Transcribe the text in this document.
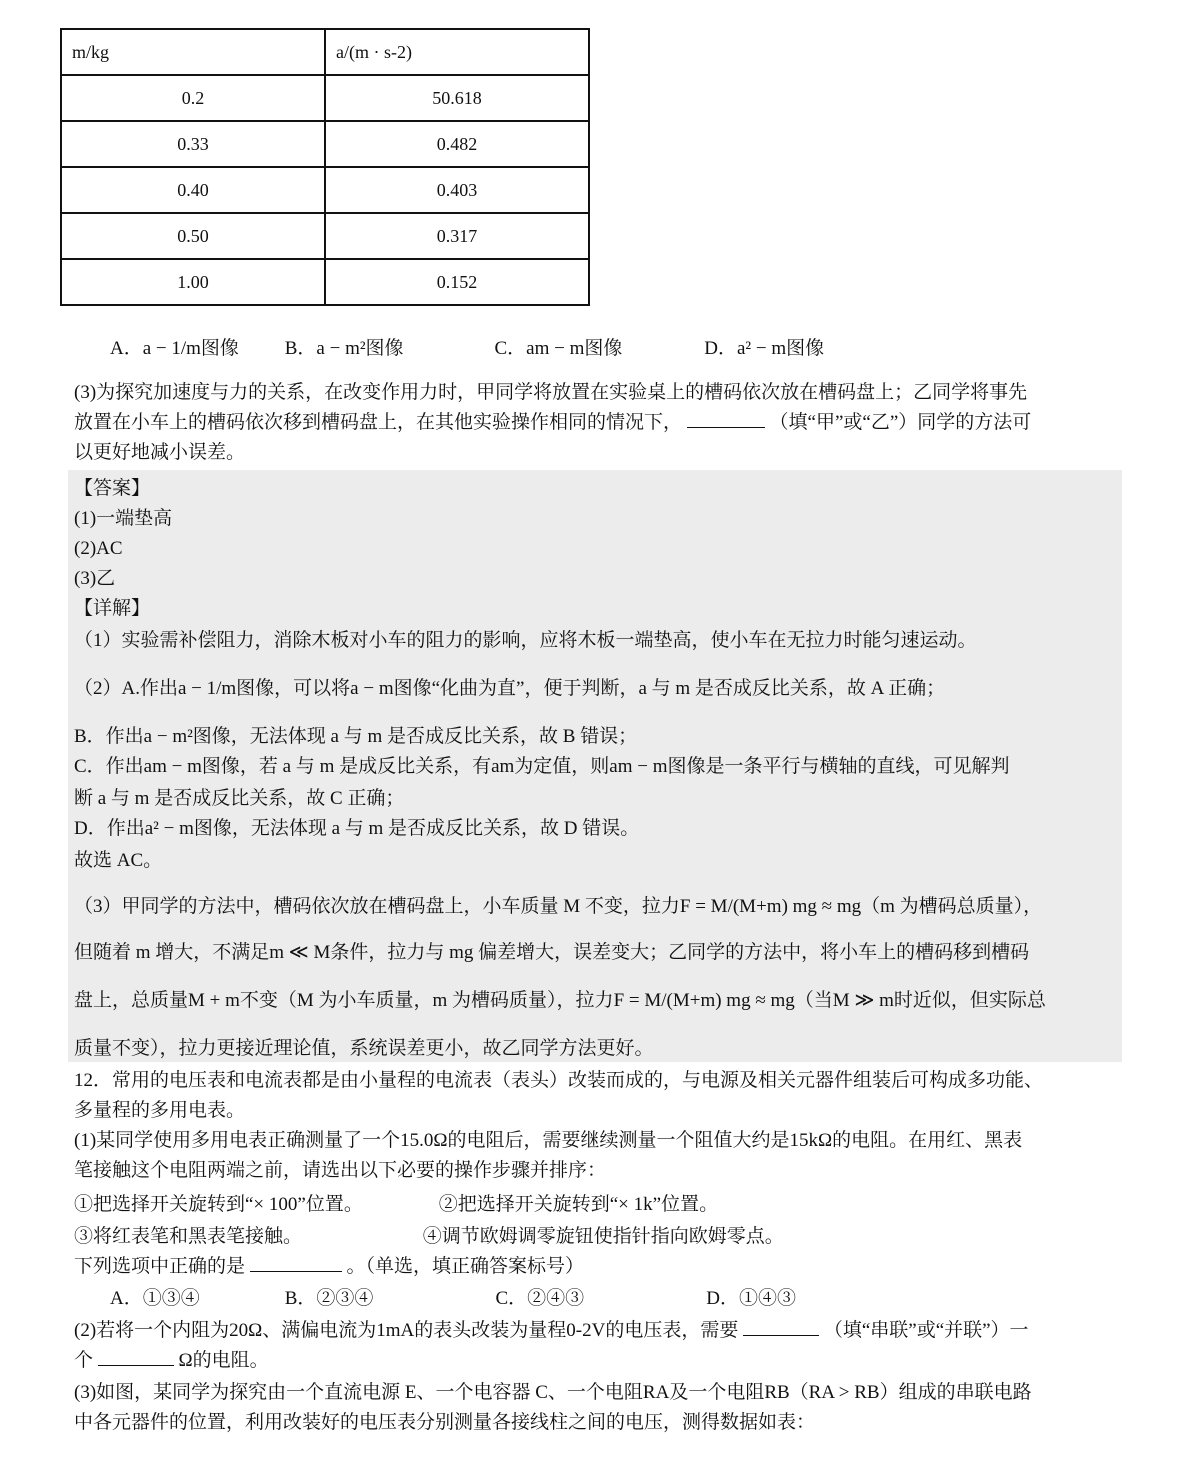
m/kg	a/(m · s-2)
0.2	50.618
0.33	0.482
0.40	0.403
0.50	0.317
1.00	0.152
A．a − 1/m图像 B．a − m²图像	C．am − m图像	D．a² − m图像
(3)为探究加速度与力的关系，在改变作用力时，甲同学将放置在实验桌上的槽码依次放在槽码盘上；乙同学将事先
放置在小车上的槽码依次移到槽码盘上，在其他实验操作相同的情况下，	（填“甲”或“乙”）同学的方法可
以更好地减小误差。
【答案】
(1)一端垫高
(2)AC
(3)乙
【详解】
（1）实验需补偿阻力，消除木板对小车的阻力的影响，应将木板一端垫高，使小车在无拉力时能匀速运动。
（2）A.作出a − 1/m图像，可以将a − m图像“化曲为直”，便于判断，a 与 m 是否成反比关系，故 A 正确；
B．作出a − m²图像，无法体现 a 与 m 是否成反比关系，故 B 错误；
C．作出am − m图像，若 a 与 m 是成反比关系，有am为定值，则am − m图像是一条平行与横轴的直线，可见解判
断 a 与 m 是否成反比关系，故 C 正确；
D．作出a² − m图像，无法体现 a 与 m 是否成反比关系，故 D 错误。
故选 AC。
（3）甲同学的方法中，槽码依次放在槽码盘上，小车质量 M 不变，拉力F = M/(M+m) mg ≈ mg（m 为槽码总质量），
但随着 m 增大，不满足m ≪ M条件，拉力与 mg 偏差增大，误差变大；乙同学的方法中，将小车上的槽码移到槽码
盘上，总质量M + m不变（M 为小车质量，m 为槽码质量），拉力F = M/(M+m) mg ≈ mg（当M ≫ m时近似，但实际总
质量不变），拉力更接近理论值，系统误差更小，故乙同学方法更好。
12．常用的电压表和电流表都是由小量程的电流表（表头）改装而成的，与电源及相关元器件组装后可构成多功能、
多量程的多用电表。
(1)某同学使用多用电表正确测量了一个15.0Ω的电阻后，需要继续测量一个阻值大约是15kΩ的电阻。在用红、黑表
笔接触这个电阻两端之前，请选出以下必要的操作步骤并排序：
①把选择开关旋转到“× 100”位置。	②把选择开关旋转到“× 1k”位置。
③将红表笔和黑表笔接触。	④调节欧姆调零旋钮使指针指向欧姆零点。
下列选项中正确的是	。（单选，填正确答案标号）
A．①③④	B．②③④	C．②④③	D．①④③
(2)若将一个内阻为20Ω、满偏电流为1mA的表头改装为量程0-2V的电压表，需要	（填“串联”或“并联”）一
个	Ω的电阻。
(3)如图，某同学为探究由一个直流电源 E、一个电容器 C、一个电阻RA及一个电阻RB（RA > RB）组成的串联电路
中各元器件的位置，利用改装好的电压表分别测量各接线柱之间的电压，测得数据如表：
